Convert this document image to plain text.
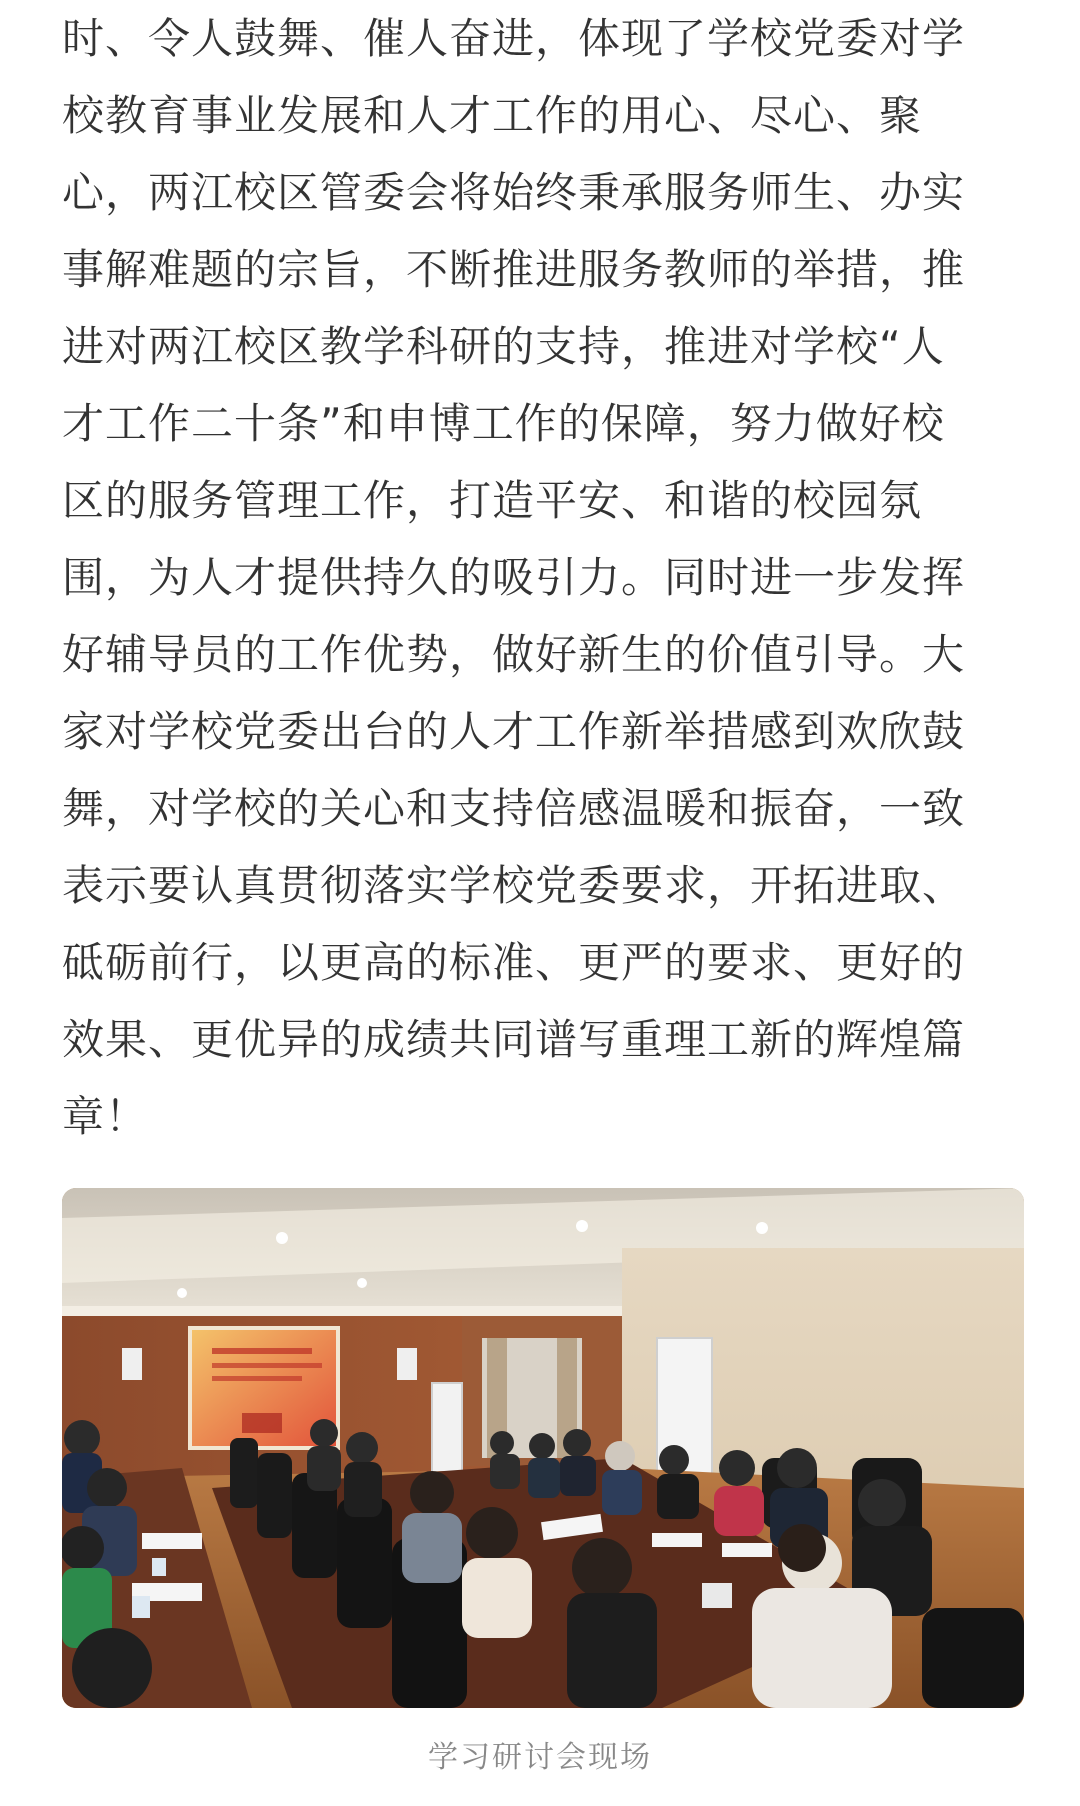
时、令人鼓舞、催人奋进，体现了学校党委对学
校教育事业发展和人才工作的用心、尽心、聚
心，两江校区管委会将始终秉承服务师生、办实
事解难题的宗旨，不断推进服务教师的举措，推
进对两江校区教学科研的支持，推进对学校“人
才工作二十条”和申博工作的保障，努力做好校
区的服务管理工作，打造平安、和谐的校园氛
围，为人才提供持久的吸引力。同时进一步发挥
好辅导员的工作优势，做好新生的价值引导。大
家对学校党委出台的人才工作新举措感到欢欣鼓
舞，对学校的关心和支持倍感温暖和振奋，一致
表示要认真贯彻落实学校党委要求，开拓进取、
砥砺前行，以更高的标准、更严的要求、更好的
效果、更优异的成绩共同谱写重理工新的辉煌篇
章！

学习研讨会现场
